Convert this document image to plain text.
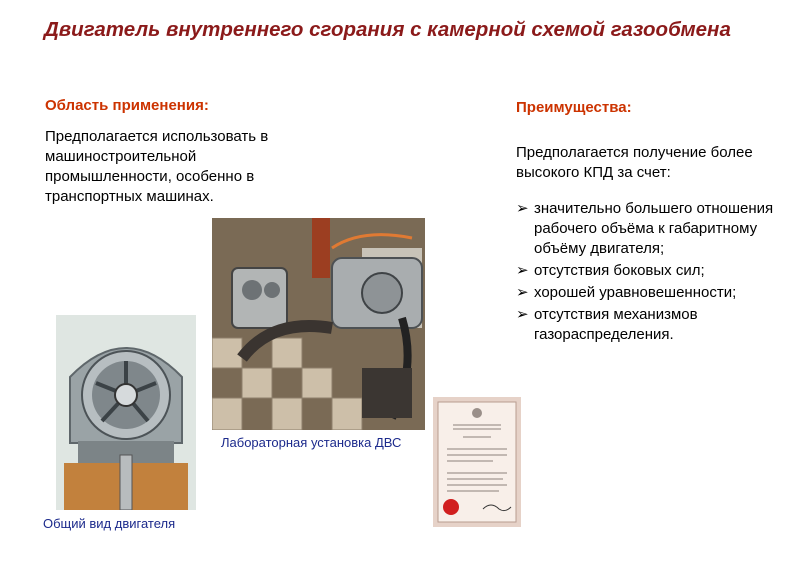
Двигатель внутреннего сгорания с камерной схемой газообмена
Область применения:
Предполагается использовать в машиностроительной промышленности, особенно в транспортных машинах.
Преимущества:
Предполагается получение более высокого КПД за счет:
➢ значительно большего отношения рабочего объёма к габаритному объёму двигателя;
➢ отсутствия боковых сил;
➢ хорошей уравновешенности;
➢ отсутствия механизмов газораспределения.
Общий вид двигателя
Лабораторная установка ДВС
